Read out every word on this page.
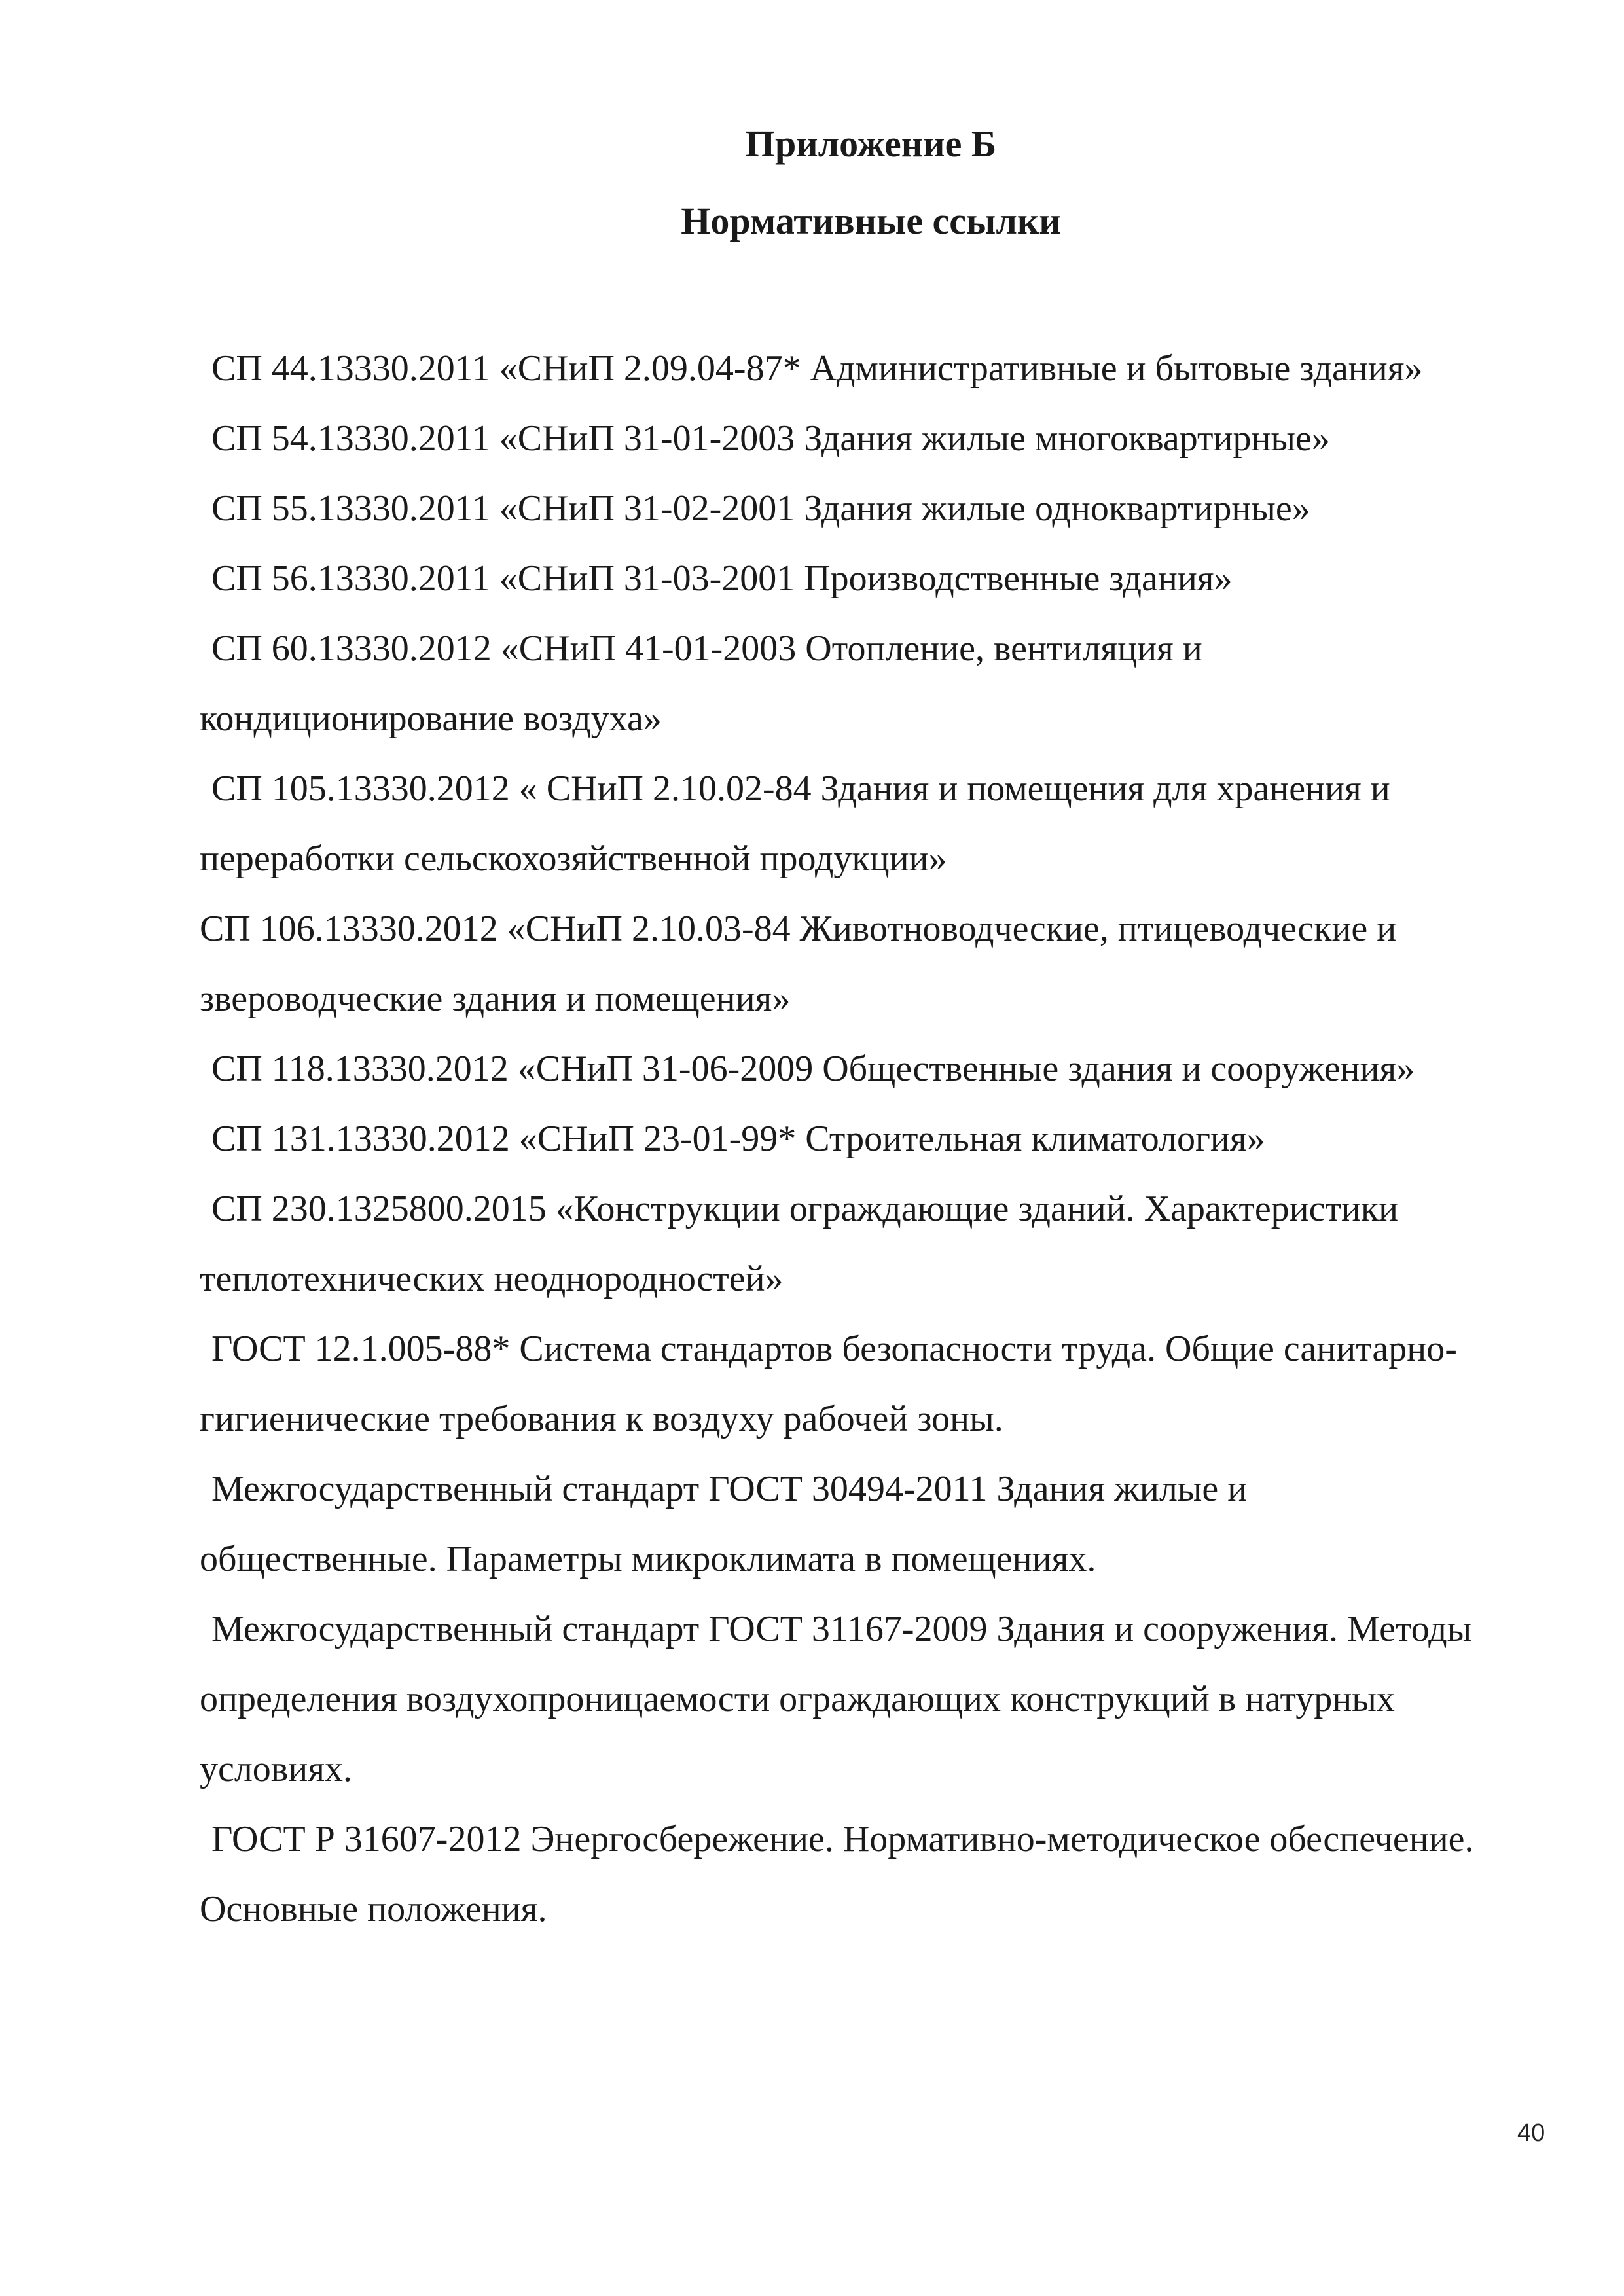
Приложение Б
Нормативные ссылки
СП 44.13330.2011 «СНиП 2.09.04-87* Административные и бытовые здания»
СП 54.13330.2011 «СНиП 31-01-2003 Здания жилые многоквартирные»
СП 55.13330.2011 «СНиП 31-02-2001 Здания жилые одноквартирные»
СП 56.13330.2011 «СНиП 31-03-2001 Производственные здания»
СП 60.13330.2012 «СНиП 41-01-2003 Отопление, вентиляция и
кондиционирование воздуха»
СП 105.13330.2012 « СНиП 2.10.02-84 Здания и помещения для хранения и
переработки сельскохозяйственной продукции»
СП 106.13330.2012 «СНиП 2.10.03-84 Животноводческие, птицеводческие и
звероводческие здания и помещения»
СП 118.13330.2012 «СНиП 31-06-2009 Общественные здания и сооружения»
СП 131.13330.2012 «СНиП 23-01-99* Строительная климатология»
СП 230.1325800.2015 «Конструкции ограждающие зданий. Характеристики
теплотехнических неоднородностей»
ГОСТ 12.1.005-88* Система стандартов безопасности труда. Общие санитарно-
гигиенические требования к воздуху рабочей зоны.
Межгосударственный стандарт ГОСТ 30494-2011 Здания жилые и
общественные. Параметры микроклимата в помещениях.
Межгосударственный стандарт ГОСТ 31167-2009 Здания и сооружения. Методы
определения воздухопроницаемости ограждающих конструкций в натурных
условиях.
ГОСТ Р 31607-2012 Энергосбережение. Нормативно-методическое обеспечение.
Основные положения.
40
